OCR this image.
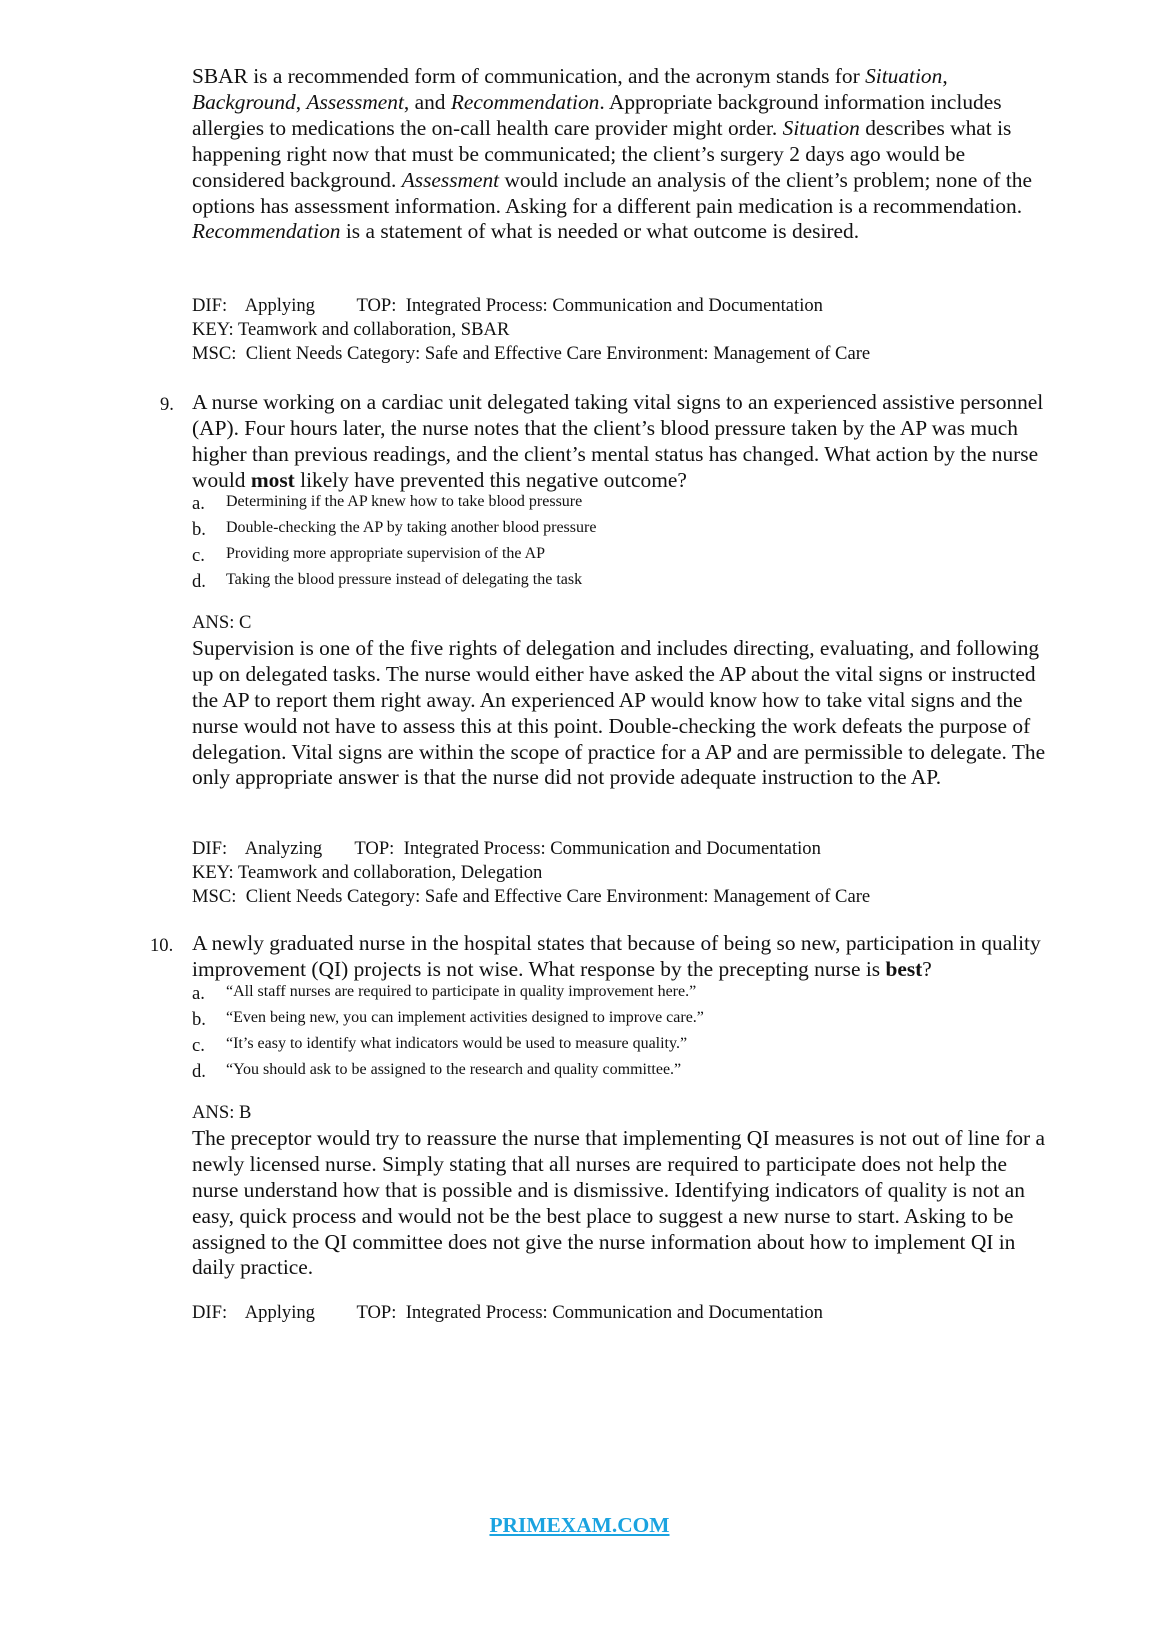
SBAR is a recommended form of communication, and the acronym stands for Situation, Background, Assessment, and Recommendation. Appropriate background information includes allergies to medications the on-call health care provider might order. Situation describes what is happening right now that must be communicated; the client’s surgery 2 days ago would be considered background. Assessment would include an analysis of the client’s problem; none of the options has assessment information. Asking for a different pain medication is a recommendation. Recommendation is a statement of what is needed or what outcome is desired.

DIF: Applying TOP: Integrated Process: Communication and Documentation
KEY: Teamwork and collaboration, SBAR
MSC: Client Needs Category: Safe and Effective Care Environment: Management of Care
9. A nurse working on a cardiac unit delegated taking vital signs to an experienced assistive personnel (AP). Four hours later, the nurse notes that the client’s blood pressure taken by the AP was much higher than previous readings, and the client’s mental status has changed. What action by the nurse would most likely have prevented this negative outcome?

a. Determining if the AP knew how to take blood pressure
b. Double-checking the AP by taking another blood pressure
c. Providing more appropriate supervision of the AP
d. Taking the blood pressure instead of delegating the task
ANS: C

Supervision is one of the five rights of delegation and includes directing, evaluating, and following up on delegated tasks. The nurse would either have asked the AP about the vital signs or instructed the AP to report them right away. An experienced AP would know how to take vital signs and the nurse would not have to assess this at this point. Double-checking the work defeats the purpose of delegation. Vital signs are within the scope of practice for a AP and are permissible to delegate. The only appropriate answer is that the nurse did not provide adequate instruction to the AP.

DIF: Analyzing TOP: Integrated Process: Communication and Documentation
KEY: Teamwork and collaboration, Delegation
MSC: Client Needs Category: Safe and Effective Care Environment: Management of Care
10. A newly graduated nurse in the hospital states that because of being so new, participation in quality improvement (QI) projects is not wise. What response by the precepting nurse is best?

a. “All staff nurses are required to participate in quality improvement here.”
b. “Even being new, you can implement activities designed to improve care.”
c. “It’s easy to identify what indicators would be used to measure quality.”
d. “You should ask to be assigned to the research and quality committee.”
ANS: B

The preceptor would try to reassure the nurse that implementing QI measures is not out of line for a newly licensed nurse. Simply stating that all nurses are required to participate does not help the nurse understand how that is possible and is dismissive. Identifying indicators of quality is not an easy, quick process and would not be the best place to suggest a new nurse to start. Asking to be assigned to the QI committee does not give the nurse information about how to implement QI in daily practice.

DIF: Applying TOP: Integrated Process: Communication and Documentation
PRIMEXAM.COM
